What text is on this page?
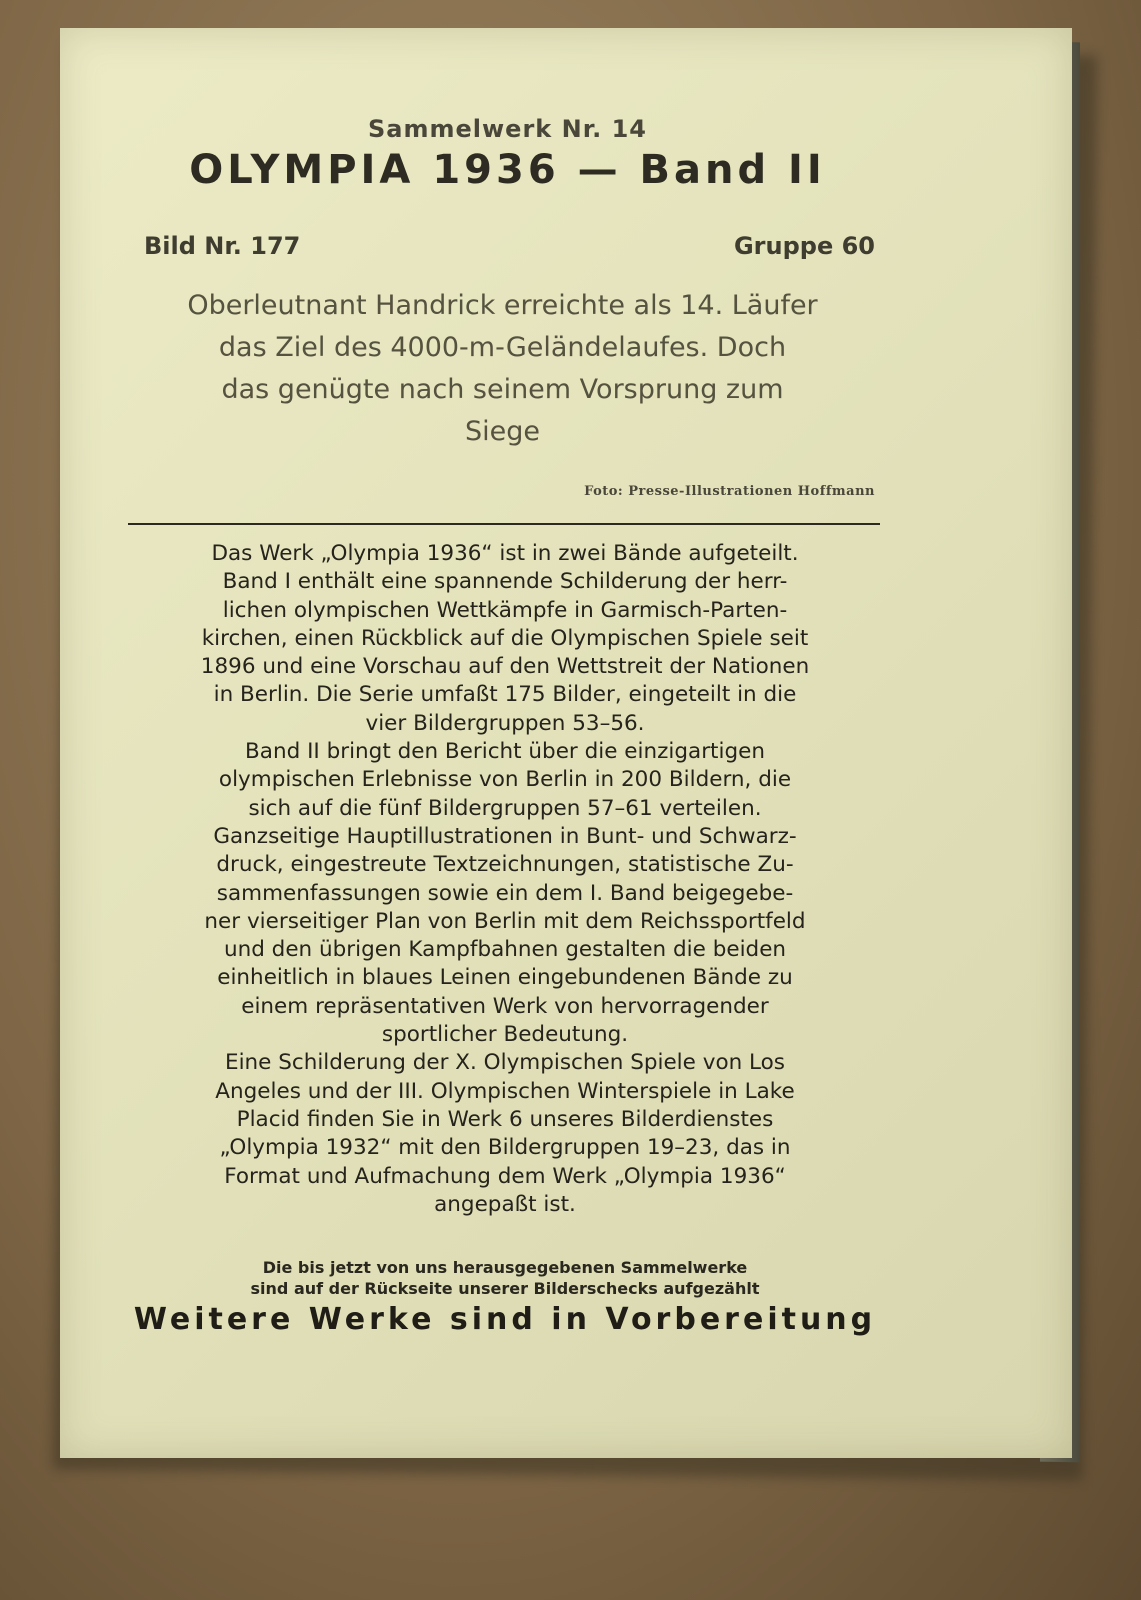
Sammelwerk Nr. 14
OLYMPIA 1936 — Band II
Bild Nr. 177	Gruppe 60
Oberleutnant Handrick erreichte als 14. Läufer
das Ziel des 4000-m-Geländelaufes. Doch
das genügte nach seinem Vorsprung zum
Siege
Foto: Presse-Illustrationen Hoffmann
Das Werk „Olympia 1936“ ist in zwei Bände aufgeteilt.
Band I enthält eine spannende Schilderung der herr-
lichen olympischen Wettkämpfe in Garmisch-Parten-
kirchen, einen Rückblick auf die Olympischen Spiele seit
1896 und eine Vorschau auf den Wettstreit der Nationen
in Berlin. Die Serie umfaßt 175 Bilder, eingeteilt in die
vier Bildergruppen 53–56.
Band II bringt den Bericht über die einzigartigen
olympischen Erlebnisse von Berlin in 200 Bildern, die
sich auf die fünf Bildergruppen 57–61 verteilen.
Ganzseitige Hauptillustrationen in Bunt- und Schwarz-
druck, eingestreute Textzeichnungen, statistische Zu-
sammenfassungen sowie ein dem I. Band beigegebe-
ner vierseitiger Plan von Berlin mit dem Reichssportfeld
und den übrigen Kampfbahnen gestalten die beiden
einheitlich in blaues Leinen eingebundenen Bände zu
einem repräsentativen Werk von hervorragender
sportlicher Bedeutung.
Eine Schilderung der X. Olympischen Spiele von Los
Angeles und der III. Olympischen Winterspiele in Lake
Placid finden Sie in Werk 6 unseres Bilderdienstes
„Olympia 1932“ mit den Bildergruppen 19–23, das in
Format und Aufmachung dem Werk „Olympia 1936“
angepaßt ist.
Die bis jetzt von uns herausgegebenen Sammelwerke
sind auf der Rückseite unserer Bilderschecks aufgezählt
Weitere Werke sind in Vorbereitung
